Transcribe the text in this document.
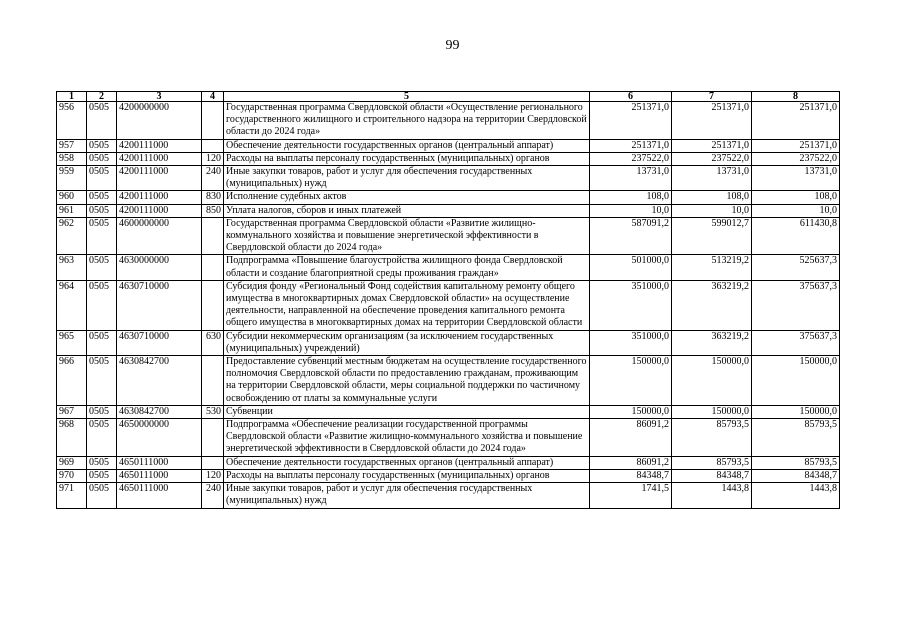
99
1	2	3	4	5	6	7	8
956	0505	4200000000		Государственная программа Свердловской области «Осуществление регионального государственного жилищного и строительного надзора на территории Свердловской области до 2024 года»	251371,0	251371,0	251371,0
957	0505	4200111000		Обеспечение деятельности государственных органов (центральный аппарат)	251371,0	251371,0	251371,0
958	0505	4200111000	120	Расходы на выплаты персоналу государственных (муниципальных) органов	237522,0	237522,0	237522,0
959	0505	4200111000	240	Иные закупки товаров, работ и услуг для обеспечения государственных (муниципальных) нужд	13731,0	13731,0	13731,0
960	0505	4200111000	830	Исполнение судебных актов	108,0	108,0	108,0
961	0505	4200111000	850	Уплата налогов, сборов и иных платежей	10,0	10,0	10,0
962	0505	4600000000		Государственная программа Свердловской области «Развитие жилищно-коммунального хозяйства и повышение энергетической эффективности в Свердловской области до 2024 года»	587091,2	599012,7	611430,8
963	0505	4630000000		Подпрограмма «Повышение благоустройства жилищного фонда Свердловской области и создание благоприятной среды проживания граждан»	501000,0	513219,2	525637,3
964	0505	4630710000		Субсидия фонду «Региональный Фонд содействия капитальному ремонту общего имущества в многоквартирных домах Свердловской области» на осуществление деятельности, направленной на обеспечение проведения капитального ремонта общего имущества в многоквартирных домах на территории Свердловской области	351000,0	363219,2	375637,3
965	0505	4630710000	630	Субсидии некоммерческим организациям (за исключением государственных (муниципальных) учреждений)	351000,0	363219,2	375637,3
966	0505	4630842700		Предоставление субвенций местным бюджетам на осуществление государственного полномочия Свердловской области по предоставлению гражданам, проживающим на территории Свердловской области, меры социальной поддержки по частичному освобождению от платы за коммунальные услуги	150000,0	150000,0	150000,0
967	0505	4630842700	530	Субвенции	150000,0	150000,0	150000,0
968	0505	4650000000		Подпрограмма «Обеспечение реализации государственной программы Свердловской области «Развитие жилищно-коммунального хозяйства и повышение энергетической эффективности в Свердловской области до 2024 года»	86091,2	85793,5	85793,5
969	0505	4650111000		Обеспечение деятельности государственных органов (центральный аппарат)	86091,2	85793,5	85793,5
970	0505	4650111000	120	Расходы на выплаты персоналу государственных (муниципальных) органов	84348,7	84348,7	84348,7
971	0505	4650111000	240	Иные закупки товаров, работ и услуг для обеспечения государственных (муниципальных) нужд	1741,5	1443,8	1443,8
